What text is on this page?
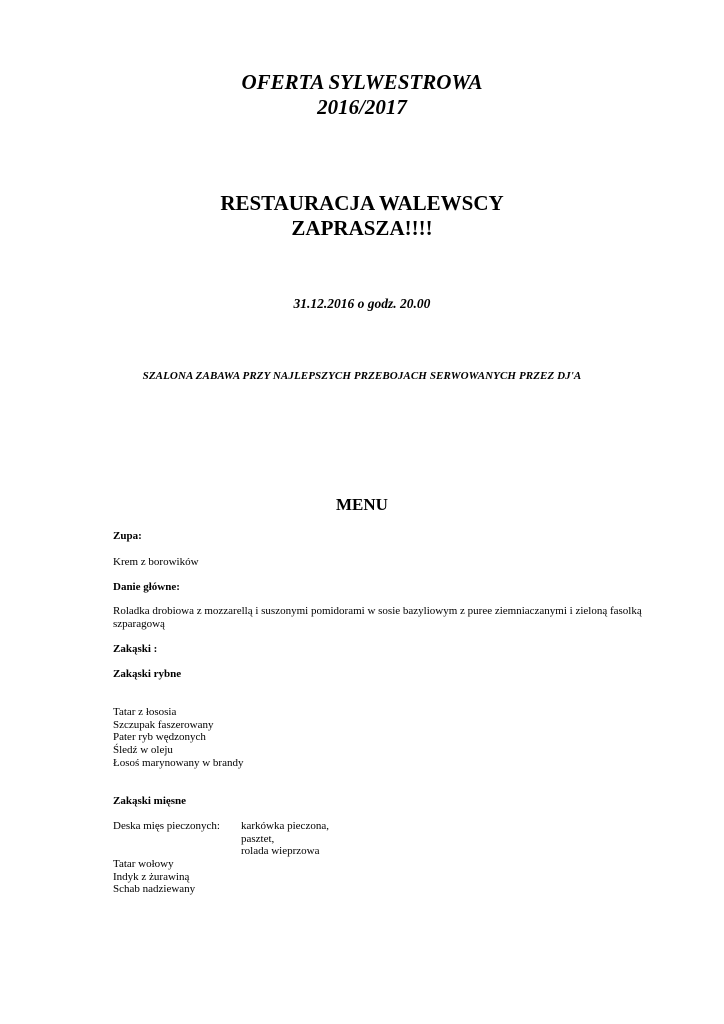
OFERTA SYLWESTROWA
2016/2017
RESTAURACJA WALEWSCY
ZAPRASZA!!!!
31.12.2016 o godz. 20.00
SZALONA ZABAWA PRZY NAJLEPSZYCH PRZEBOJACH SERWOWANYCH PRZEZ DJ'A
MENU
Zupa:
Krem z borowików
Danie główne:
Roladka drobiowa z mozzarellą i suszonymi pomidorami w sosie bazyliowym z puree ziemniaczanymi i zieloną fasolką
szparagową
Zakąski :
Zakąski rybne
Tatar z łososia
Szczupak faszerowany
Pater ryb wędzonych
Śledź w oleju
Łosoś marynowany w brandy
Zakąski mięsne
Deska mięs pieczonych: karkówka pieczona,
pasztet,
rolada wieprzowa
Tatar wołowy
Indyk z żurawiną
Schab nadziewany
